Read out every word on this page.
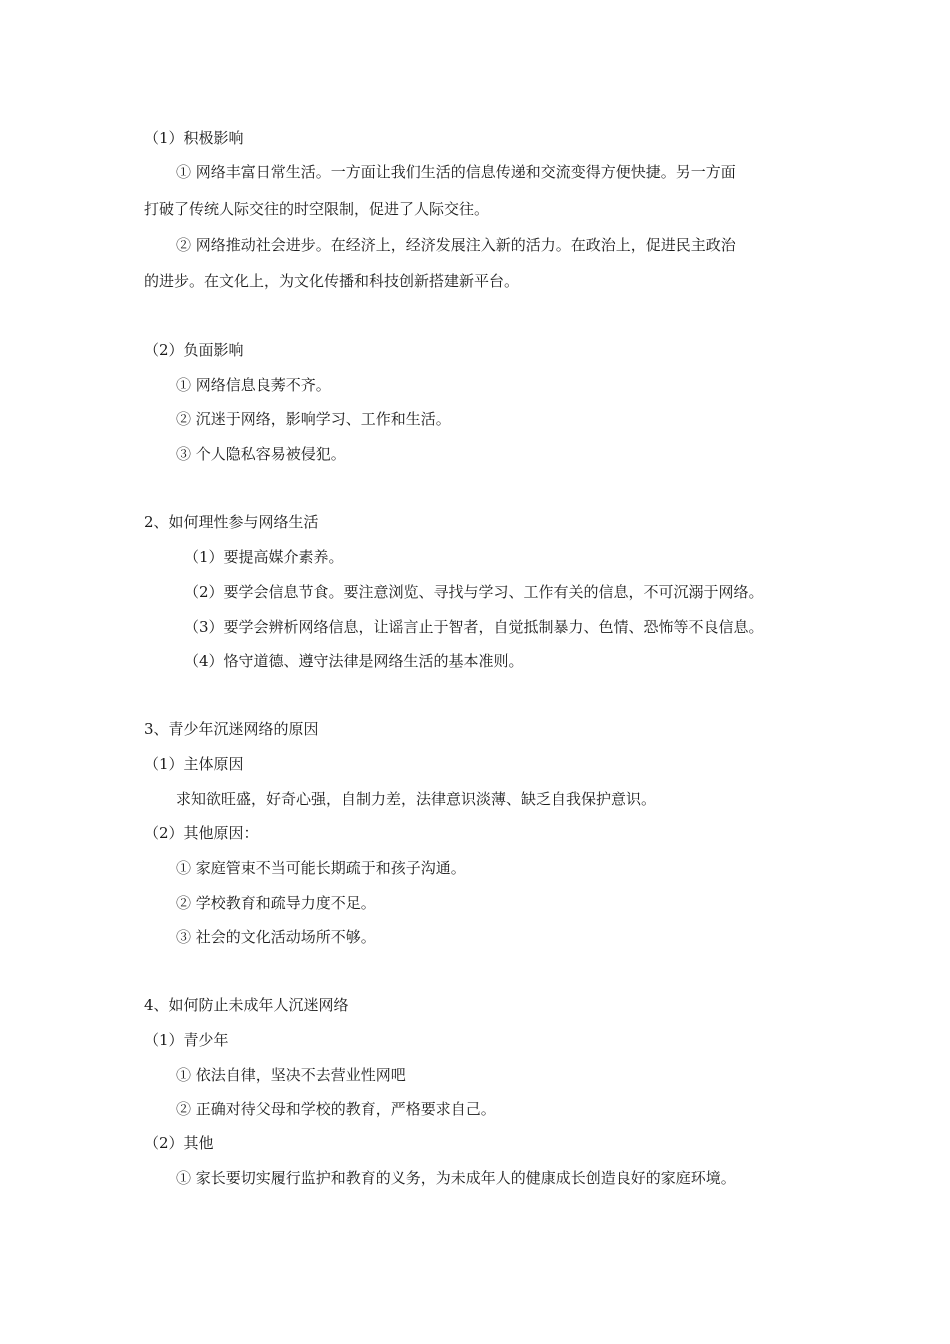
（1）积极影响
① 网络丰富日常生活。一方面让我们生活的信息传递和交流变得方便快捷。另一方面
打破了传统人际交往的时空限制，促进了人际交往。
② 网络推动社会进步。在经济上，经济发展注入新的活力。在政治上，促进民主政治
的进步。在文化上，为文化传播和科技创新搭建新平台。
（2）负面影响
① 网络信息良莠不齐。
② 沉迷于网络，影响学习、工作和生活。
③ 个人隐私容易被侵犯。
2、如何理性参与网络生活
（1）要提高媒介素养。
（2）要学会信息节食。要注意浏览、寻找与学习、工作有关的信息，不可沉溺于网络。
（3）要学会辨析网络信息，让谣言止于智者，自觉抵制暴力、色情、恐怖等不良信息。
（4）恪守道德、遵守法律是网络生活的基本准则。
3、青少年沉迷网络的原因
（1）主体原因
求知欲旺盛，好奇心强，自制力差，法律意识淡薄、缺乏自我保护意识。
（2）其他原因：
① 家庭管束不当可能长期疏于和孩子沟通。
② 学校教育和疏导力度不足。
③ 社会的文化活动场所不够。
4、如何防止未成年人沉迷网络
（1）青少年
① 依法自律，坚决不去营业性网吧
② 正确对待父母和学校的教育，严格要求自己。
（2）其他
① 家长要切实履行监护和教育的义务，为未成年人的健康成长创造良好的家庭环境。
